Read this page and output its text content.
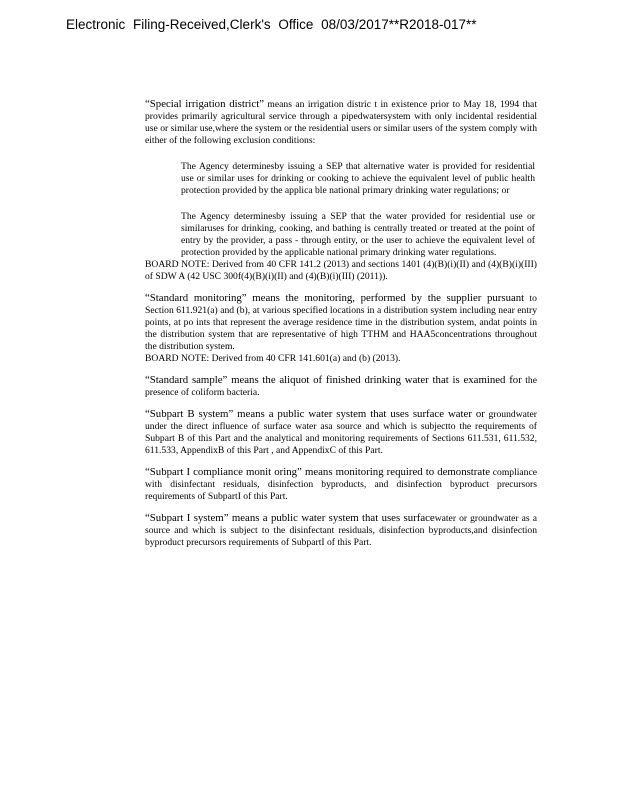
Electronic Filing-Received,Clerk's Office 08/03/2017**R2018-017**

“Special irrigation district” means an irrigation distric t in existence prior to May 18, 1994 that provides primarily agricultural service through a pipedwatersystem with only incidental residential use or similar use,where the system or the residential users or similar users of the system comply with either of the following exclusion conditions:

The Agency determinesby issuing a SEP that alternative water is provided for residential use or similar uses for drinking or cooking to achieve the equivalent level of public health protection provided by the applica ble national primary drinking water regulations; or

The Agency determinesby issuing a SEP that the water provided for residential use or similaruses for drinking, cooking, and bathing is centrally treated or treated at the point of entry by the provider, a pass - through entity, or the user to achieve the equivalent level of protection provided by the applicable national primary drinking water regulations.

BOARD NOTE: Derived from 40 CFR 141.2 (2013) and sections 1401 (4)(B)(i)(II) and (4)(B)(i)(III) of SDW A (42 USC 300f(4)(B)(i)(II) and (4)(B)(i)(III) (2011)).

“Standard monitoring” means the monitoring, performed by the supplier pursuant to Section 611.921(a) and (b), at various specified locations in a distribution system including near entry points, at po ints that represent the average residence time in the distribution system, andat points in the distribution system that are representative of high TTHM and HAA5concentrations throughout the distribution system.

BOARD NOTE: Derived from 40 CFR 141.601(a) and (b) (2013).

“Standard sample” means the aliquot of finished drinking water that is examined for the presence of coliform bacteria.

“Subpart B system” means a public water system that uses surface water or groundwater under the direct influence of surface water asa source and which is subjectto the requirements of Subpart B of this Part and the analytical and monitoring requirements of Sections 611.531, 611.532, 611.533, AppendixB of this Part , and AppendixC of this Part.

“Subpart I compliance monit oring” means monitoring required to demonstrate compliance with disinfectant residuals, disinfection byproducts, and disinfection byproduct precursors requirements of SubpartI of this Part.

“Subpart I system” means a public water system that uses surfacewater or groundwater as a source and which is subject to the disinfectant residuals, disinfection byproducts,and disinfection byproduct precursors requirements of SubpartI of this Part.
